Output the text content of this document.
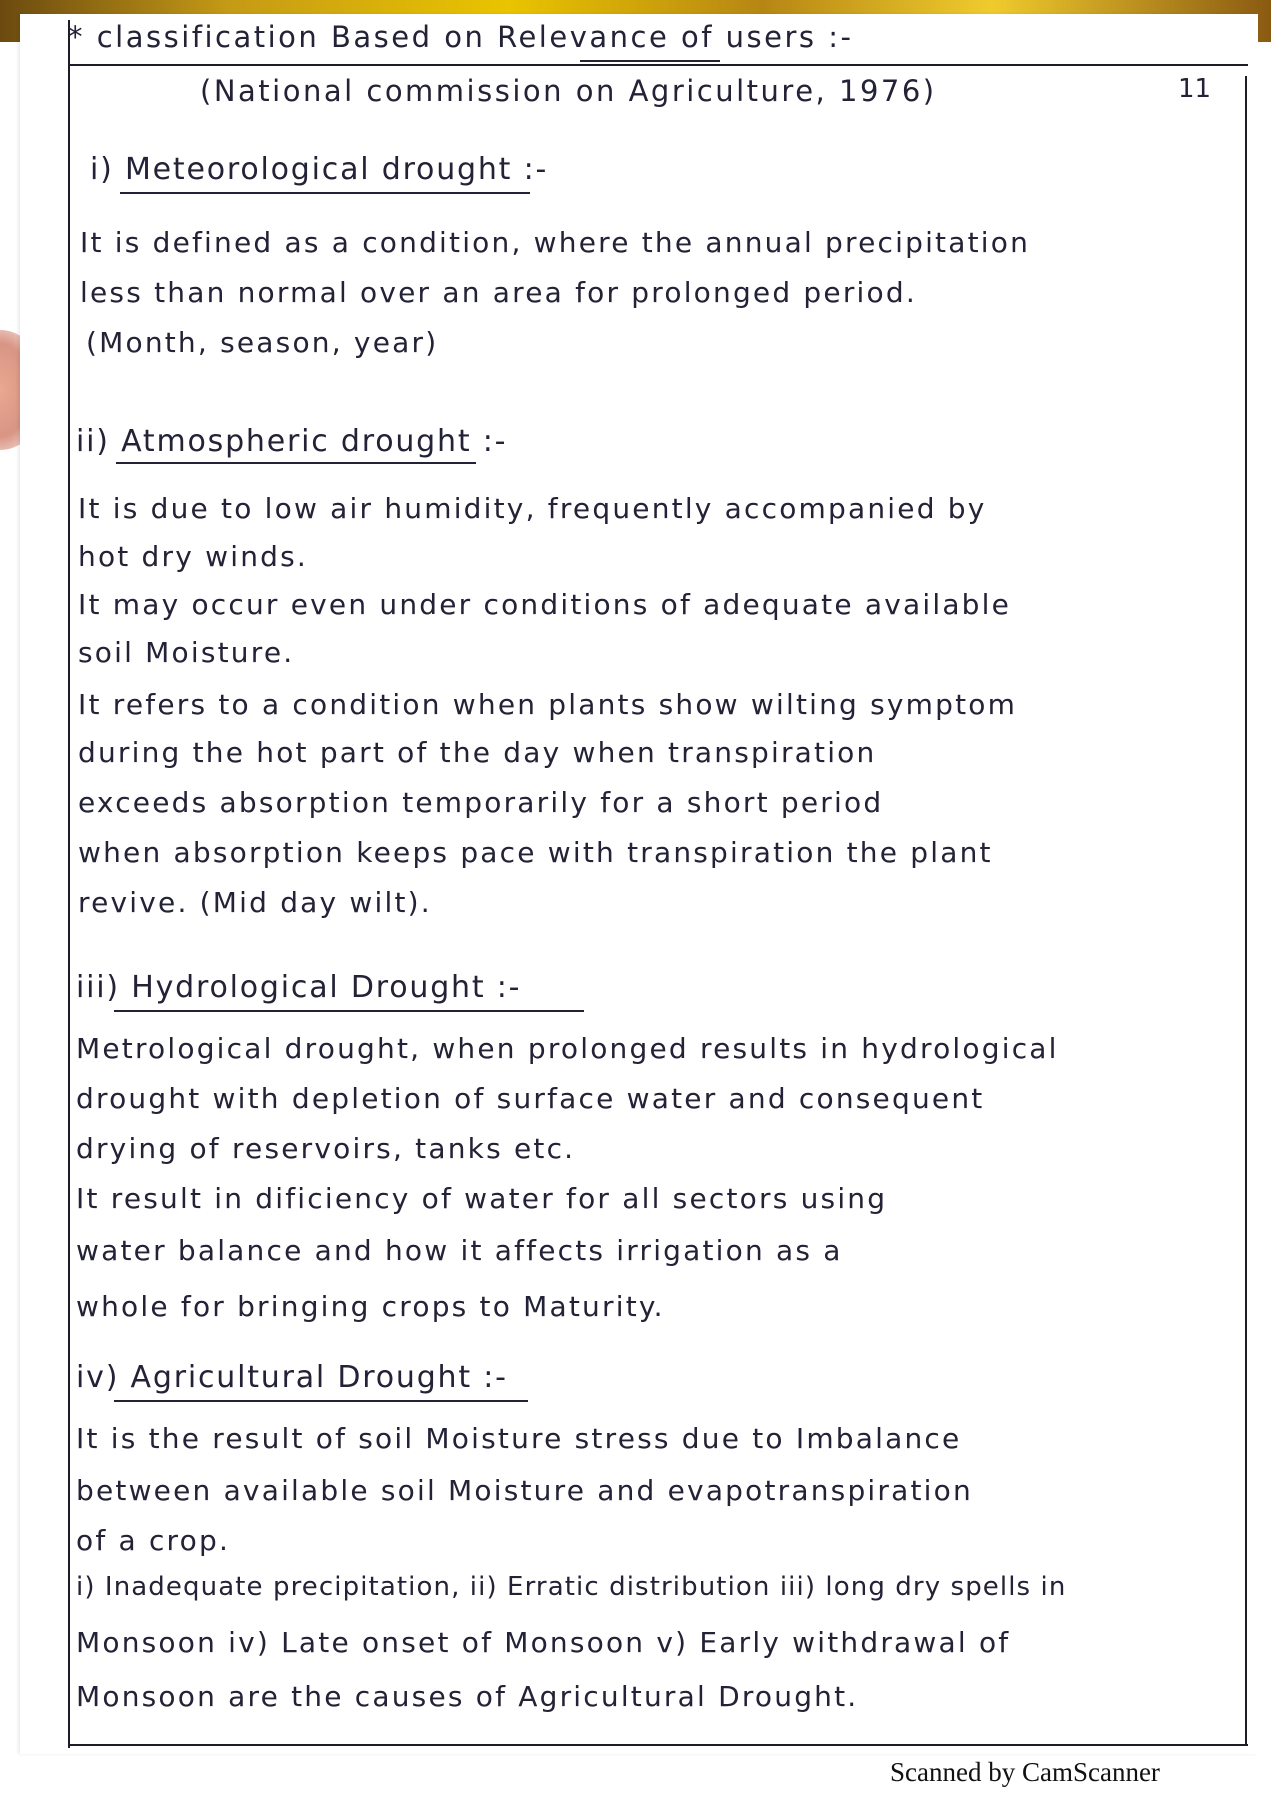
* classification Based on Relevance of users :-
(National commission on Agriculture, 1976)	11
i) Meteorological drought :-
It is defined as a condition, where the annual precipitation
less than normal over an area for prolonged period.
(Month, season, year)
ii) Atmospheric drought :-
It is due to low air humidity, frequently accompanied by
hot dry winds.
It may occur even under conditions of adequate available
soil Moisture.
It refers to a condition when plants show wilting symptom
during the hot part of the day when transpiration
exceeds absorption temporarily for a short period
when absorption keeps pace with transpiration the plant
revive. (Mid day wilt).
iii) Hydrological Drought :-
Metrological drought, when prolonged results in hydrological
drought with depletion of surface water and consequent
drying of reservoirs, tanks etc.
It result in dificiency of water for all sectors using
water balance and how it affects irrigation as a
whole for bringing crops to Maturity.
iv) Agricultural Drought :-
It is the result of soil Moisture stress due to Imbalance
between available soil Moisture and evapotranspiration
of a crop.
i) Inadequate precipitation, ii) Erratic distribution iii) long dry spells in
Monsoon iv) Late onset of Monsoon v) Early withdrawal of
Monsoon are the causes of Agricultural Drought.
Scanned by CamScanner
